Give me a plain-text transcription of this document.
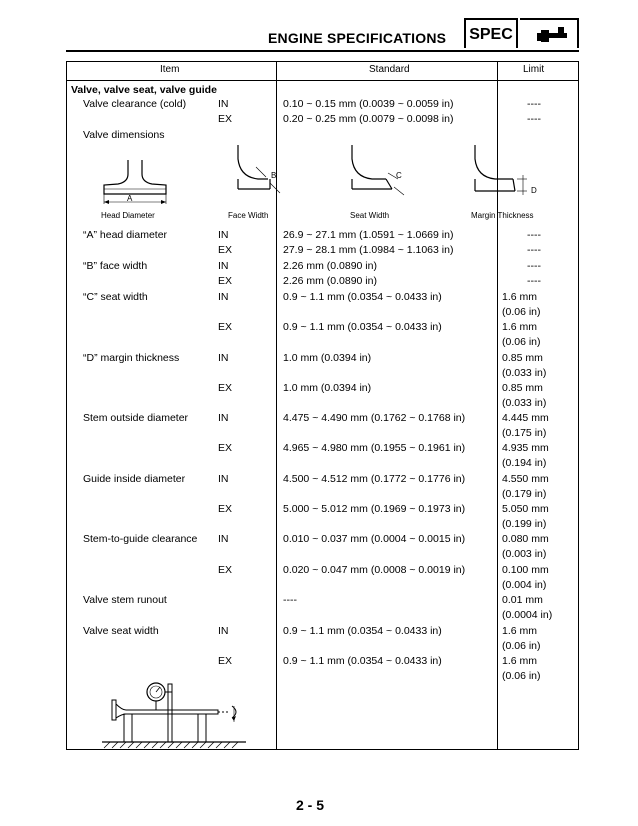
ENGINE SPECIFICATIONS	SPEC
Item	Standard	Limit
Valve, valve seat, valve guide
Valve clearance (cold)	IN	0.10 ~ 0.15 mm (0.0039 ~ 0.0059 in)	----
EX	0.20 ~ 0.25 mm (0.0079 ~ 0.0098 in)	----
Valve dimensions
A
B	C
D
Head Diameter	Face Width	Seat Width	Margin Thickness
“A” head diameter	IN	26.9 ~ 27.1 mm (1.0591 ~ 1.0669 in)	----
EX	27.9 ~ 28.1 mm (1.0984 ~ 1.1063 in)	----
“B” face width	IN	2.26 mm (0.0890 in)	----
EX	2.26 mm (0.0890 in)	----
“C” seat width	IN	0.9 ~ 1.1 mm (0.0354 ~ 0.0433 in)	1.6 mm
(0.06 in)
EX	0.9 ~ 1.1 mm (0.0354 ~ 0.0433 in)	1.6 mm
(0.06 in)
“D” margin thickness	IN	1.0 mm (0.0394 in)	0.85 mm
(0.033 in)
EX	1.0 mm (0.0394 in)	0.85 mm
(0.033 in)
Stem outside diameter	IN	4.475 ~ 4.490 mm (0.1762 ~ 0.1768 in)	4.445 mm
(0.175 in)
EX	4.965 ~ 4.980 mm (0.1955 ~ 0.1961 in)	4.935 mm
(0.194 in)
Guide inside diameter	IN	4.500 ~ 4.512 mm (0.1772 ~ 0.1776 in)	4.550 mm
(0.179 in)
EX	5.000 ~ 5.012 mm (0.1969 ~ 0.1973 in)	5.050 mm
(0.199 in)
Stem-to-guide clearance IN	0.010 ~ 0.037 mm (0.0004 ~ 0.0015 in)	0.080 mm
(0.003 in)
EX	0.020 ~ 0.047 mm (0.0008 ~ 0.0019 in)	0.100 mm
(0.004 in)
Valve stem runout	----	0.01 mm
(0.0004 in)
Valve seat width	IN	0.9 ~ 1.1 mm (0.0354 ~ 0.0433 in)	1.6 mm
(0.06 in)
EX	0.9 ~ 1.1 mm (0.0354 ~ 0.0433 in)	1.6 mm
(0.06 in)
2 - 5
